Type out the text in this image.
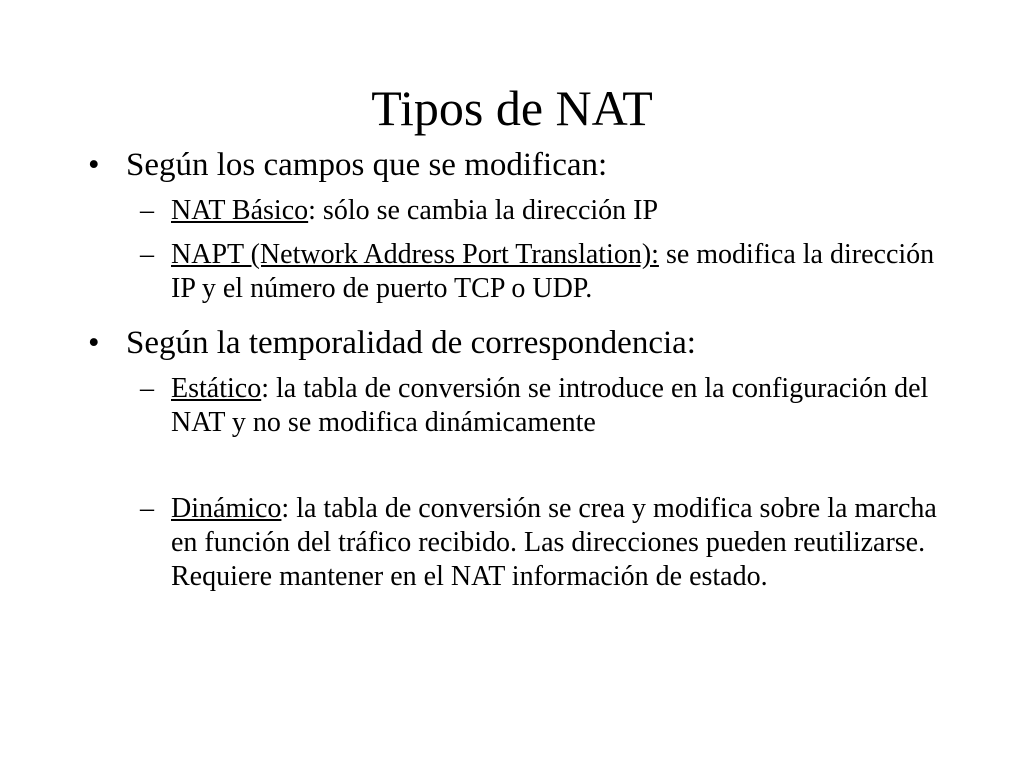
Tipos de NAT
• Según los campos que se modifican:
– NAT Básico: sólo se cambia la dirección IP
– NAPT (Network Address Port Translation): se modifica la dirección IP y el número de puerto TCP o UDP.
• Según la temporalidad de correspondencia:
– Estático: la tabla de conversión se introduce en la configuración del NAT y no se modifica dinámicamente
– Dinámico: la tabla de conversión se crea y modifica sobre la marcha en función del tráfico recibido. Las direcciones pueden reutilizarse. Requiere mantener en el NAT información de estado.
